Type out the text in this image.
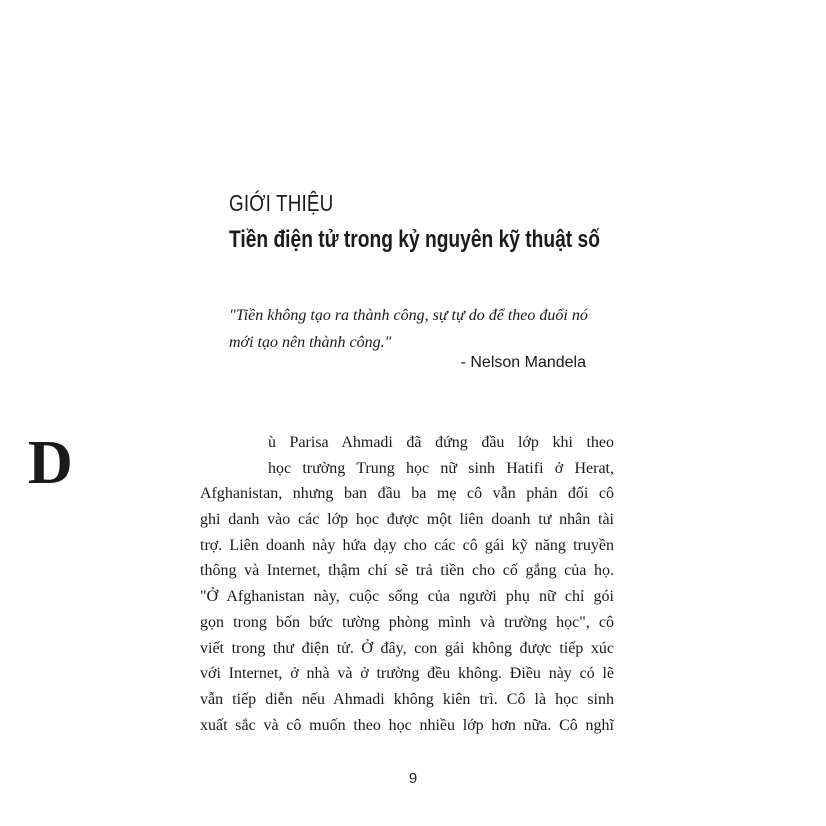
GIỚI THIỆU
Tiền điện tử trong kỷ nguyên kỹ thuật số
"Tiền không tạo ra thành công, sự tự do để theo đuổi nó
mới tạo nên thành công."
- Nelson Mandela
D	ù Parisa Ahmadi đã đứng đầu lớp khi theo
học trường Trung học nữ sinh Hatifi ở Herat,
Afghanistan, nhưng ban đầu ba mẹ cô vẫn phản đối cô
ghi danh vào các lớp học được một liên doanh tư nhân tài
trợ. Liên doanh này hứa dạy cho các cô gái kỹ năng truyền
thông và Internet, thậm chí sẽ trả tiền cho cố gắng của họ.
"Ở Afghanistan này, cuộc sống của người phụ nữ chỉ gói
gọn trong bốn bức tường phòng mình và trường học", cô
viết trong thư điện tử. Ở đây, con gái không được tiếp xúc
với Internet, ở nhà và ở trường đều không. Điều này có lẽ
vẫn tiếp diễn nếu Ahmadi không kiên trì. Cô là học sinh
xuất sắc và cô muốn theo học nhiều lớp hơn nữa. Cô nghĩ
9
